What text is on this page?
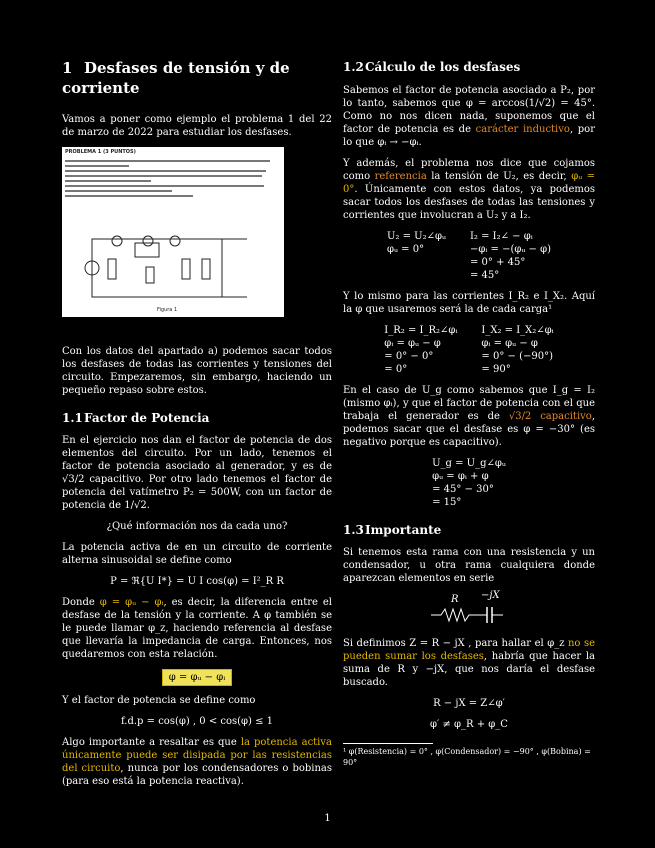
1 Desfases de tensión y de corriente

Vamos a poner como ejemplo el problema 1 del 22 de marzo de 2022 para estudiar los desfases.

PROBLEMA 1 (3 PUNTOS)
Figura 1

Con los datos del apartado a) podemos sacar todos los desfases de todas las corrientes y tensiones del circuito. Empezaremos, sin embargo, haciendo un pequeño repaso sobre estos.

1.1Factor de Potencia

En el ejercicio nos dan el factor de potencia de dos elementos del circuito. Por un lado, tenemos el factor de potencia asociado al generador, y es de √3/2 capacitivo. Por otro lado tenemos el factor de potencia del vatímetro P₂ = 500W, con un factor de potencia de 1/√2.

¿Qué información nos da cada uno?

La potencia activa de en un circuito de corriente alterna sinusoidal se define como

P = ℜ{U I*} = U I cos(φ) = I²_R R

Donde φ = φᵤ − φᵢ, es decir, la diferencia entre el desfase de la tensión y la corriente. A φ también se le puede llamar φ_z, haciendo referencia al desfase que llevaría la impedancia de carga. Entonces, nos quedaremos con esta relación.

φ = φᵤ − φᵢ

Y el factor de potencia se define como

f.d.p = cos(φ) , 0 < cos(φ) ≤ 1

Algo importante a resaltar es que la potencia activa únicamente puede ser disipada por las resistencias del circuito, nunca por los condensadores o bobinas (para eso está la potencia reactiva).

1.2Cálculo de los desfases

Sabemos el factor de potencia asociado a P₂, por lo tanto, sabemos que φ = arccos(1/√2) = 45°. Como no nos dicen nada, suponemos que el factor de potencia es de carácter inductivo, por lo que φᵢ → −φᵢ.

Y además, el problema nos dice que cojamos como referencia la tensión de U₂, es decir, φᵤ = 0°. Únicamente con estos datos, ya podemos sacar todos los desfases de todas las tensiones y corrientes que involucran a U₂ y a I₂.

U₂ = U₂∠φᵤ
φᵤ = 0°
I₂ = I₂∠ − φᵢ
−φᵢ = −(φᵤ − φ)
= 0° + 45°
= 45°

Y lo mismo para las corrientes I_R₂ e I_X₂. Aquí la φ que usaremos será la de cada carga¹

I_R₂ = I_R₂∠φᵢ
φᵢ = φᵤ − φ
= 0° − 0°
= 0°
I_X₂ = I_X₂∠φᵢ
φᵢ = φᵤ − φ
= 0° − (−90°)
= 90°

En el caso de U_g como sabemos que I_g = I₂ (mismo φᵢ), y que el factor de potencia con el que trabaja el generador es de √3/2 capacitivo, podemos sacar que el desfase es φ = −30° (es negativo porque es capacitivo).

U_g = U_g∠φᵤ
φᵤ = φᵢ + φ
= 45° − 30°
= 15°
1.3Importante

Si tenemos esta rama con una resistencia y un condensador, u otra rama cualquiera donde aparezcan elementos en serie

R −jX

Si definimos Z = R − jX , para hallar el φ_z no se pueden sumar los desfases, habría que hacer la suma de R y −jX, que nos daría el desfase buscado.

R − jX = Z∠φ′

φ′ ≠ φ_R + φ_C

¹ φ(Resistencia) = 0° , φ(Condensador) = −90° , φ(Bobina) = 90°
1
